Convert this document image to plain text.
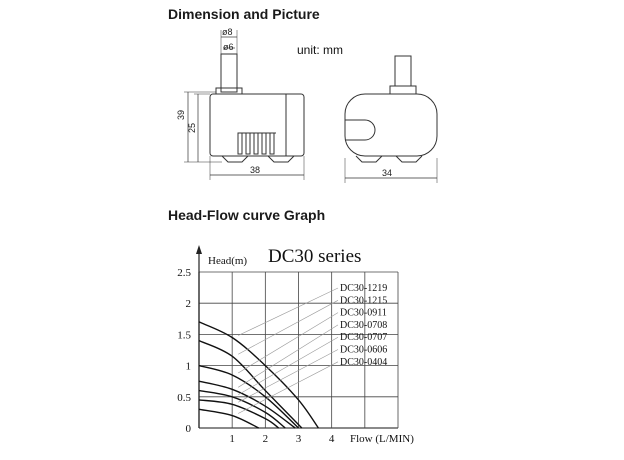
Dimension and Picture
unit: mm
Head-Flow curve Graph
ø8
ø6
39
25
38	34
DC30 series
Head(m)
Flow (L/MIN)
DC30-1219
DC30-1215
DC30-0911
DC30-0708
DC30-0707
DC30-0606
DC30-0404
0
0.5
1
1.5
2
2.5
1	2	3	4
